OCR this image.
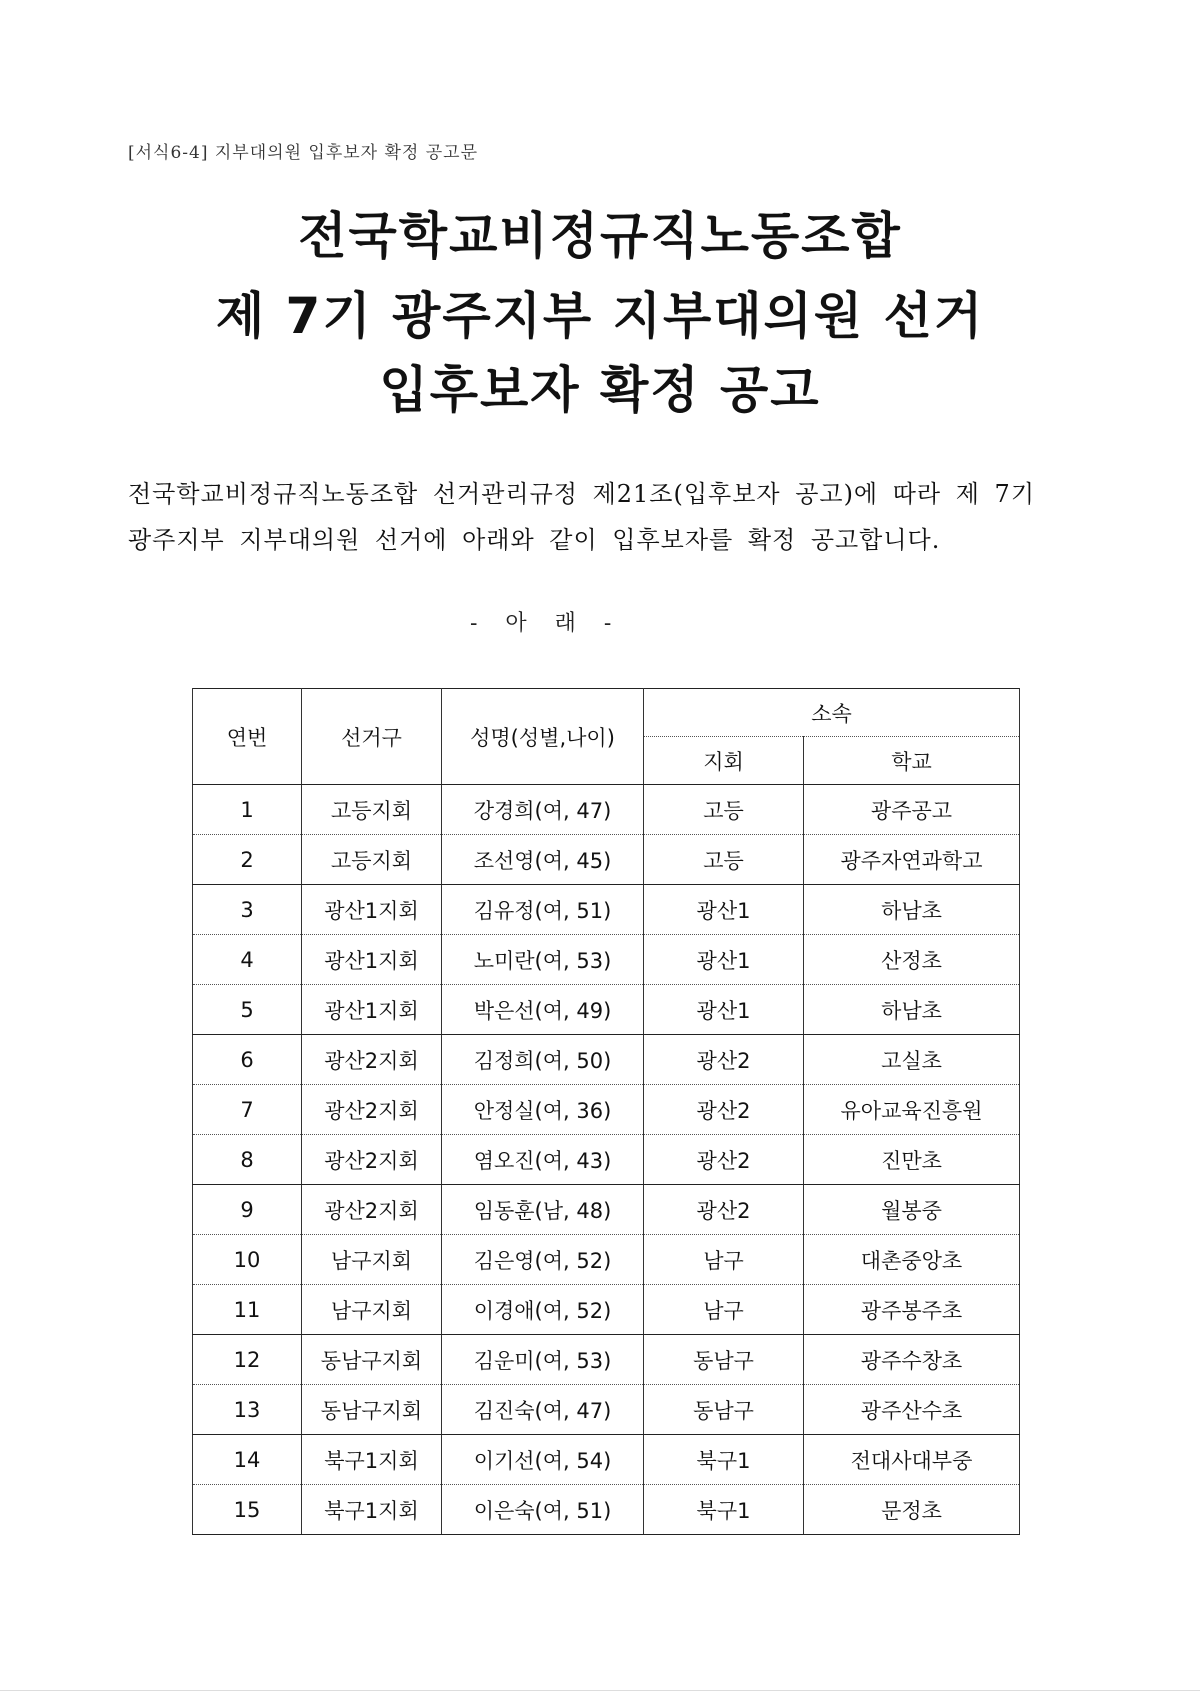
[서식6-4] 지부대의원 입후보자 확정 공고문
전국학교비정규직노동조합
제 7기 광주지부 지부대의원 선거
입후보자 확정 공고
전국학교비정규직노동조합 선거관리규정 제21조(입후보자 공고)에 따라 제 7기
광주지부 지부대의원 선거에 아래와 같이 입후보자를 확정 공고합니다.
-    아    래    -
연번	선거구	성명(성별,나이)	소속	
			지회	학교
1	고등지회	강경희(여, 47)	고등	광주공고
2	고등지회	조선영(여, 45)	고등	광주자연과학고
3	광산1지회	김유정(여, 51)	광산1	하남초
4	광산1지회	노미란(여, 53)	광산1	산정초
5	광산1지회	박은선(여, 49)	광산1	하남초
6	광산2지회	김정희(여, 50)	광산2	고실초
7	광산2지회	안정실(여, 36)	광산2	유아교육진흥원
8	광산2지회	염오진(여, 43)	광산2	진만초
9	광산2지회	임동훈(남, 48)	광산2	월봉중
10	남구지회	김은영(여, 52)	남구	대촌중앙초
11	남구지회	이경애(여, 52)	남구	광주봉주초
12	동남구지회	김운미(여, 53)	동남구	광주수창초
13	동남구지회	김진숙(여, 47)	동남구	광주산수초
14	북구1지회	이기선(여, 54)	북구1	전대사대부중
15	북구1지회	이은숙(여, 51)	북구1	문정초
